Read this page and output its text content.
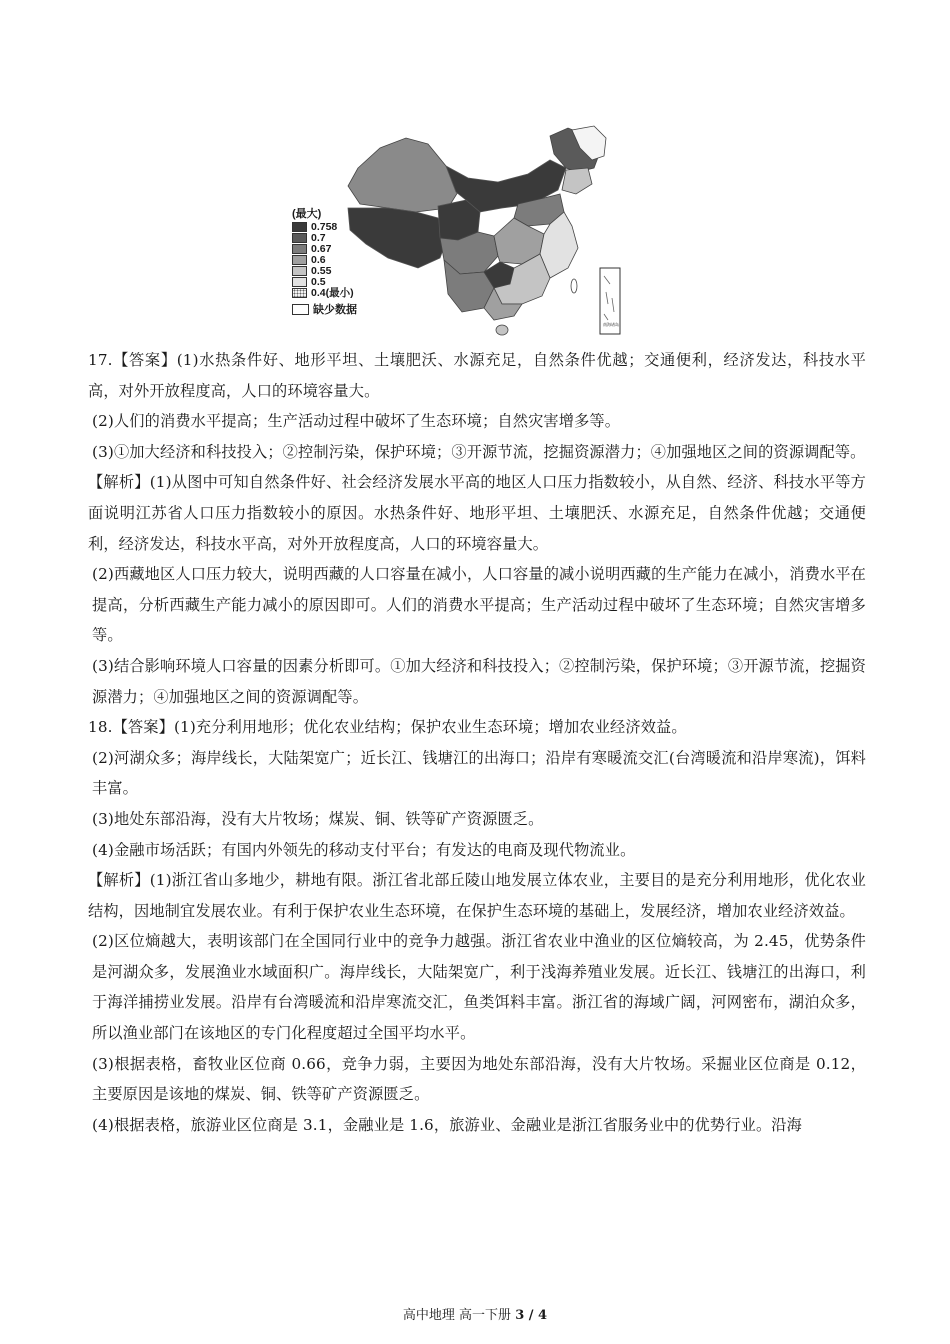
南海诸岛
(最大)
0.758
0.7
0.67
0.6
0.55
0.5
0.4(最小)
缺少数据

17.【答案】(1)水热条件好、地形平坦、土壤肥沃、水源充足，自然条件优越；交通便利，经济发达，科技水平高，对外开放程度高，人口的环境容量大。

(2)人们的消费水平提高；生产活动过程中破坏了生态环境；自然灾害增多等。

(3)①加大经济和科技投入；②控制污染，保护环境；③开源节流，挖掘资源潜力；④加强地区之间的资源调配等。

【解析】(1)从图中可知自然条件好、社会经济发展水平高的地区人口压力指数较小，从自然、经济、科技水平等方面说明江苏省人口压力指数较小的原因。水热条件好、地形平坦、土壤肥沃、水源充足，自然条件优越；交通便利，经济发达，科技水平高，对外开放程度高，人口的环境容量大。

(2)西藏地区人口压力较大，说明西藏的人口容量在减小，人口容量的减小说明西藏的生产能力在减小，消费水平在提高，分析西藏生产能力减小的原因即可。人们的消费水平提高；生产活动过程中破坏了生态环境；自然灾害增多等。

(3)结合影响环境人口容量的因素分析即可。①加大经济和科技投入；②控制污染，保护环境；③开源节流，挖掘资源潜力；④加强地区之间的资源调配等。

18.【答案】(1)充分利用地形；优化农业结构；保护农业生态环境；增加农业经济效益。

(2)河湖众多；海岸线长，大陆架宽广；近长江、钱塘江的出海口；沿岸有寒暖流交汇(台湾暖流和沿岸寒流)，饵料丰富。

(3)地处东部沿海，没有大片牧场；煤炭、铜、铁等矿产资源匮乏。

(4)金融市场活跃；有国内外领先的移动支付平台；有发达的电商及现代物流业。

【解析】(1)浙江省山多地少，耕地有限。浙江省北部丘陵山地发展立体农业，主要目的是充分利用地形，优化农业结构，因地制宜发展农业。有利于保护农业生态环境，在保护生态环境的基础上，发展经济，增加农业经济效益。

(2)区位熵越大，表明该部门在全国同行业中的竞争力越强。浙江省农业中渔业的区位熵较高，为 2.45，优势条件是河湖众多，发展渔业水域面积广。海岸线长，大陆架宽广，利于浅海养殖业发展。近长江、钱塘江的出海口，利于海洋捕捞业发展。沿岸有台湾暖流和沿岸寒流交汇，鱼类饵料丰富。浙江省的海域广阔，河网密布，湖泊众多，所以渔业部门在该地区的专门化程度超过全国平均水平。

(3)根据表格，畜牧业区位商 0.66，竞争力弱，主要因为地处东部沿海，没有大片牧场。采掘业区位商是 0.12，主要原因是该地的煤炭、铜、铁等矿产资源匮乏。

(4)根据表格，旅游业区位商是 3.1，金融业是 1.6，旅游业、金融业是浙江省服务业中的优势行业。沿海

高中地理 高一下册 3 / 4
